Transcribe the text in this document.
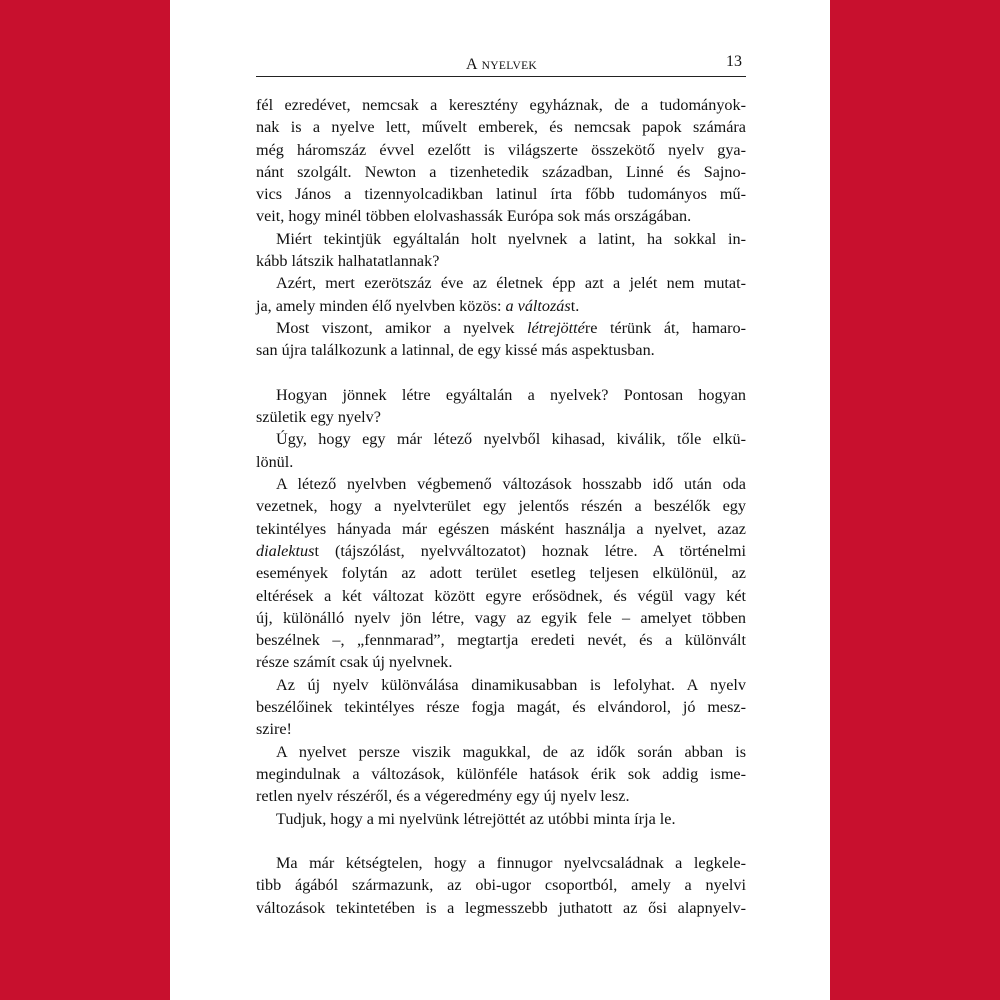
A NYELVEK	13
fél ezredévet, nemcsak a keresztény egyháznak, de a tudományok-
nak is a nyelve lett, művelt emberek, és nemcsak papok számára
még háromszáz évvel ezelőtt is világszerte összekötő nyelv gya-
nánt szolgált. Newton a tizenhetedik században, Linné és Sajno-
vics János a tizennyolcadikban latinul írta főbb tudományos mű-
veit, hogy minél többen elolvashassák Európa sok más országában.
Miért tekintjük egyáltalán holt nyelvnek a latint, ha sokkal in-
kább látszik halhatatlannak?
Azért, mert ezerötszáz éve az életnek épp azt a jelét nem mutat-
ja, amely minden élő nyelvben közös: a változást.
Most viszont, amikor a nyelvek létrejöttére térünk át, hamaro-
san újra találkozunk a latinnal, de egy kissé más aspektusban.
Hogyan jönnek létre egyáltalán a nyelvek? Pontosan hogyan
születik egy nyelv?
Úgy, hogy egy már létező nyelvből kihasad, kiválik, tőle elkü-
lönül.
A létező nyelvben végbemenő változások hosszabb idő után oda
vezetnek, hogy a nyelvterület egy jelentős részén a beszélők egy
tekintélyes hányada már egészen másként használja a nyelvet, azaz
dialektust (tájszólást, nyelvváltozatot) hoznak létre. A történelmi
események folytán az adott terület esetleg teljesen elkülönül, az
eltérések a két változat között egyre erősödnek, és végül vagy két
új, különálló nyelv jön létre, vagy az egyik fele – amelyet többen
beszélnek –, „fennmarad”, megtartja eredeti nevét, és a különvált
része számít csak új nyelvnek.
Az új nyelv különválása dinamikusabban is lefolyhat. A nyelv
beszélőinek tekintélyes része fogja magát, és elvándorol, jó mesz-
szire!
A nyelvet persze viszik magukkal, de az idők során abban is
megindulnak a változások, különféle hatások érik sok addig isme-
retlen nyelv részéről, és a végeredmény egy új nyelv lesz.
Tudjuk, hogy a mi nyelvünk létrejöttét az utóbbi minta írja le.
Ma már kétségtelen, hogy a finnugor nyelvcsaládnak a legkele-
tibb ágából származunk, az obi-ugor csoportból, amely a nyelvi
változások tekintetében is a legmesszebb juthatott az ősi alapnyelv-
